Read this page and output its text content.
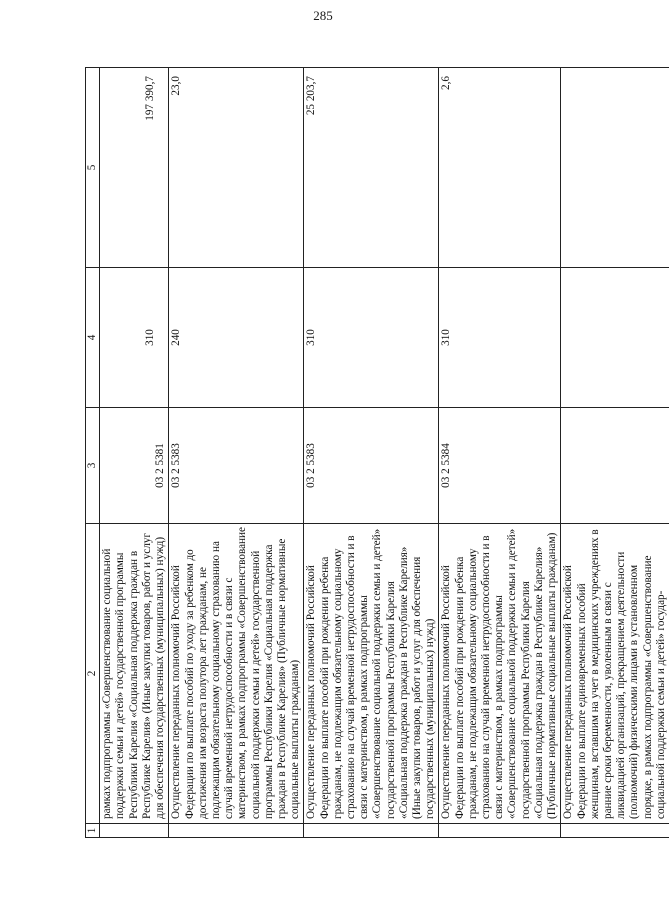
285
1	2	3	4	5
	рамках подпрограммы «Совершенствование социальной поддержки семьи и детей» государственной программы Республики Карелия «Социальная поддержка граждан в Республике Карелия» (Иные закупки товаров, работ и услуг для обеспечения государственных (муниципальных) нужд)	03 2 5381	310	197 390,7
	Осуществление переданных полномочий Российской Федерации по выплате пособий по уходу за ребенком до достижения им возраста полутора лет гражданам, не подлежащим обязательному социальному страхованию на случай временной нетрудоспособности и в связи с материнством, в рамках подпрограммы «Совершенствование социальной поддержки семьи и детей» государственной программы Республики Карелия «Социальная поддержка граждан в Республике Карелия» (Публичные нормативные социальные выплаты гражданам)	03 2 5383	240	23,0
	Осуществление переданных полномочий Российской Федерации по выплате пособий при рождении ребенка гражданам, не подлежащим обязательному социальному страхованию на случай временной нетрудоспособности и в связи с материнством, в рамках подпрограммы «Совершенствование социальной поддержки семьи и детей» государственной программы Республики Карелия «Социальная поддержка граждан в Республике Карелия» (Иные закупки товаров, работ и услуг для обеспечения государственных (муниципальных) нужд)	03 2 5383	310	25 203,7
	Осуществление переданных полномочий Российской Федерации по выплате пособий при рождении ребенка гражданам, не подлежащим обязательному социальному страхованию на случай временной нетрудоспособности и в связи с материнством, в рамках подпрограммы «Совершенствование социальной поддержки семьи и детей» государственной программы Республики Карелия «Социальная поддержка граждан в Республике Карелия» (Публичные нормативные социальные выплаты гражданам)	03 2 5384	310	2,6
	Осуществление переданных полномочий Российской Федерации по выплате единовременных пособий женщинам, вставшим на учет в медицинских учреждениях в ранние сроки беременности, уволенным в связи с ликвидацией организаций, прекращением деятельности (полномочий) физическими лицами в установленном порядке, в рамках подпрограммы «Совершенствование социальной поддержки семьи и детей» государ-			
